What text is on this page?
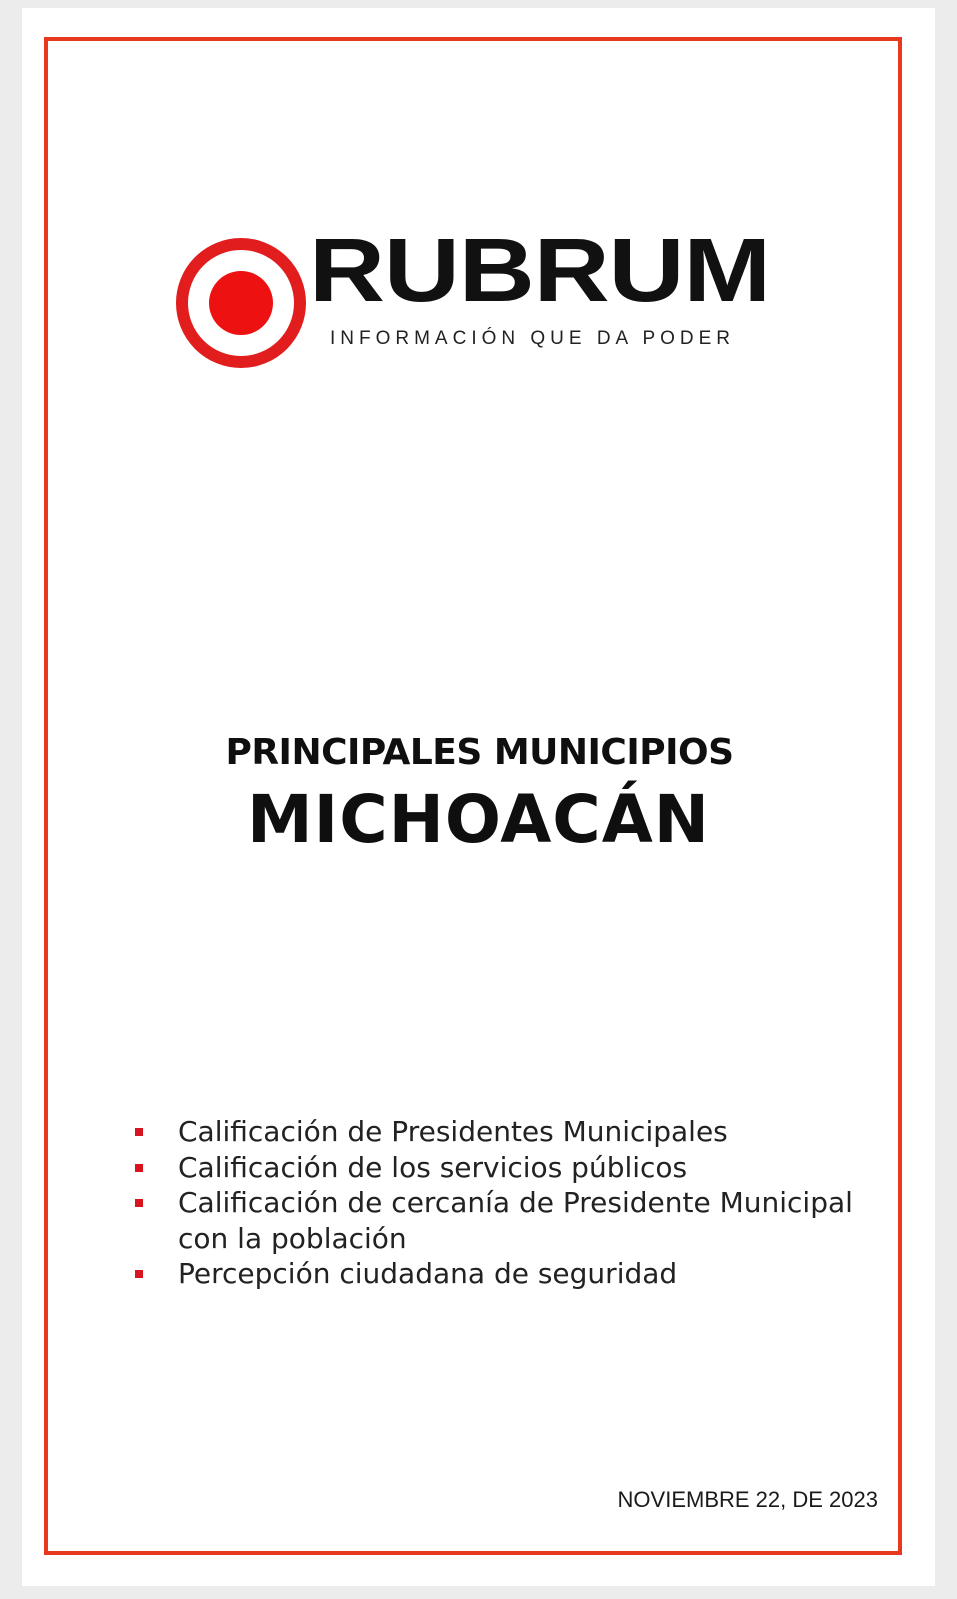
RUBRUM
INFORMACIÓN QUE DA PODER
PRINCIPALES MUNICIPIOS
MICHOACÁN
Calificación de Presidentes Municipales
Calificación de los servicios públicos
Calificación de cercanía de Presidente Municipal con la población
Percepción ciudadana de seguridad
NOVIEMBRE 22, DE 2023
